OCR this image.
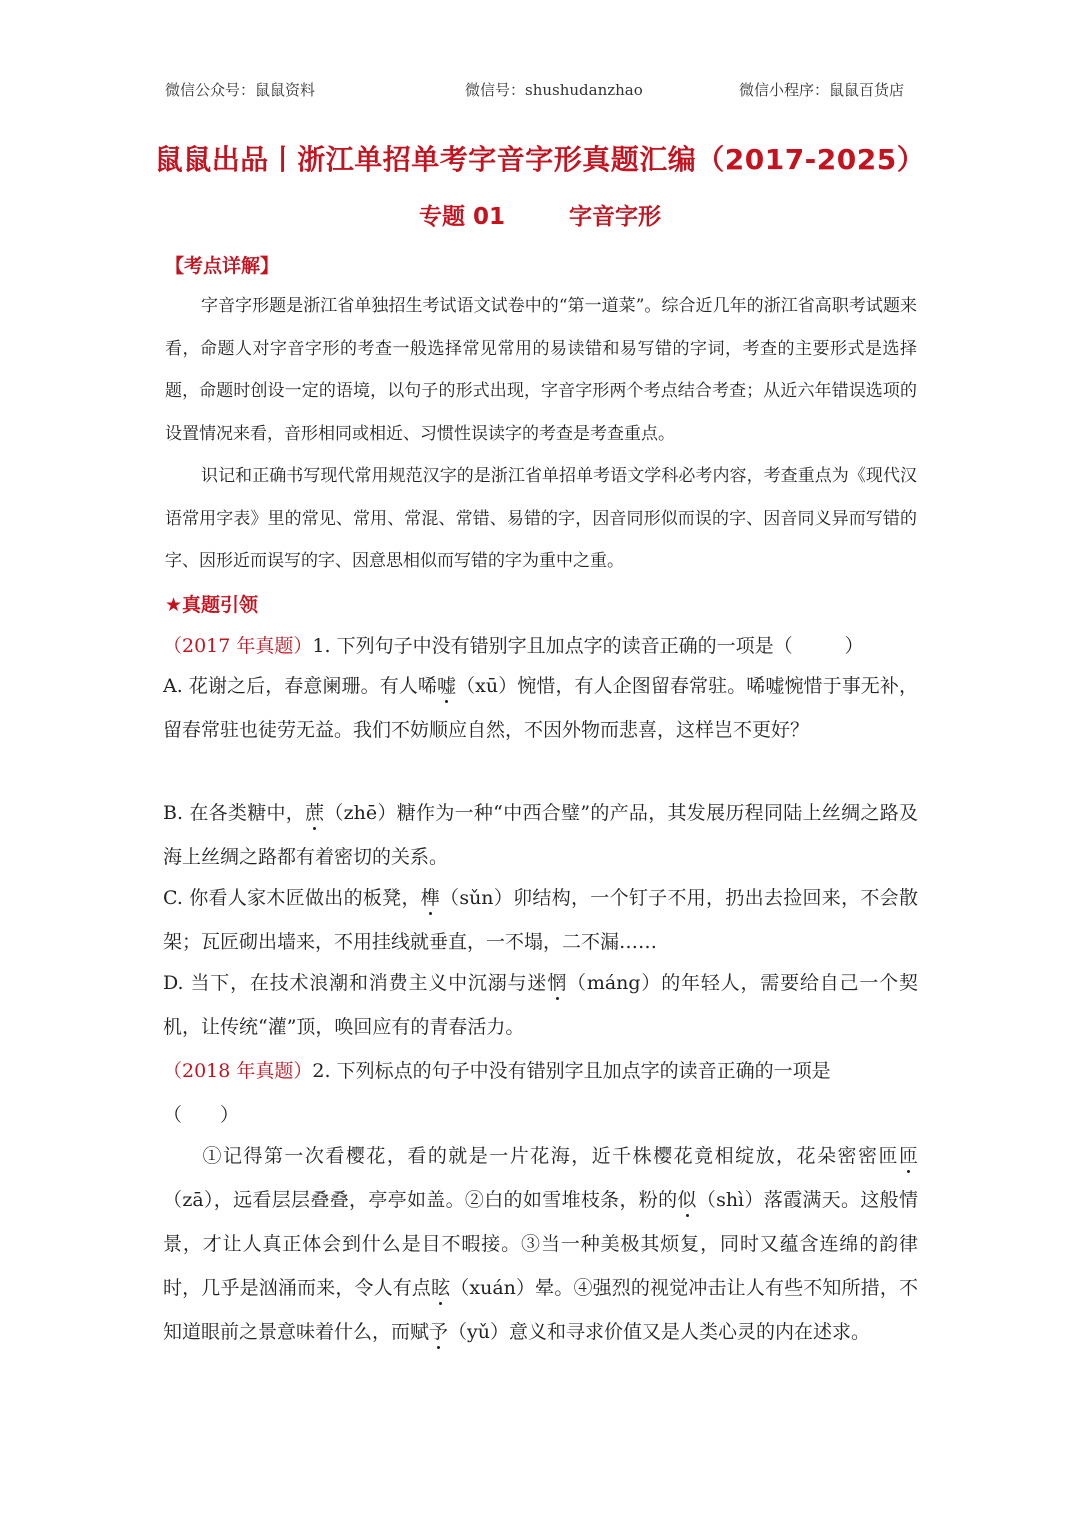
微信公众号：鼠鼠资料	微信号：shushudanzhao	微信小程序：鼠鼠百货店
鼠鼠出品丨浙江单招单考字音字形真题汇编（2017-2025）
专题 01	字音字形
【考点详解】
字音字形题是浙江省单独招生考试语文试卷中的“第一道菜”。综合近几年的浙江省高职考试题来看，命题人对字音字形的考查一般选择常见常用的易读错和易写错的字词，考查的主要形式是选择题，命题时创设一定的语境，以句子的形式出现，字音字形两个考点结合考查；从近六年错误选项的设置情况来看，音形相同或相近、习惯性误读字的考查是考查重点。
识记和正确书写现代常用规范汉字的是浙江省单招单考语文学科必考内容，考查重点为《现代汉语常用字表》里的常见、常用、常混、常错、易错的字，因音同形似而误的字、因音同义异而写错的字、因形近而误写的字、因意思相似而写错的字为重中之重。
★真题引领
（2017 年真题）1. 下列句子中没有错别字且加点字的读音正确的一项是（	）
A. 花谢之后，春意阑珊。有人唏嘘（xū）惋惜，有人企图留春常驻。唏嘘惋惜于事无补，留春常驻也徒劳无益。我们不妨顺应自然，不因外物而悲喜，这样岂不更好？
B. 在各类糖中，蔗（zhē）糖作为一种“中西合璧”的产品，其发展历程同陆上丝绸之路及海上丝绸之路都有着密切的关系。
C. 你看人家木匠做出的板凳，榫（sǔn）卯结构，一个钉子不用，扔出去捡回来，不会散架；瓦匠砌出墙来，不用挂线就垂直，一不塌，二不漏……
D. 当下，在技术浪潮和消费主义中沉溺与迷惘（máng）的年轻人，需要给自己一个契机，让传统“灌”顶，唤回应有的青春活力。
（2018 年真题）2. 下列标点的句子中没有错别字且加点字的读音正确的一项是
（　　）
①记得第一次看樱花，看的就是一片花海，近千株樱花竟相绽放，花朵密密匝匝（zā），远看层层叠叠，亭亭如盖。②白的如雪堆枝条，粉的似（shì）落霞满天。这般情景，才让人真正体会到什么是目不暇接。③当一种美极其烦复，同时又蕴含连绵的韵律时，几乎是汹涌而来，令人有点眩（xuán）晕。④强烈的视觉冲击让人有些不知所措，不知道眼前之景意味着什么，而赋予（yǔ）意义和寻求价值又是人类心灵的内在述求。
